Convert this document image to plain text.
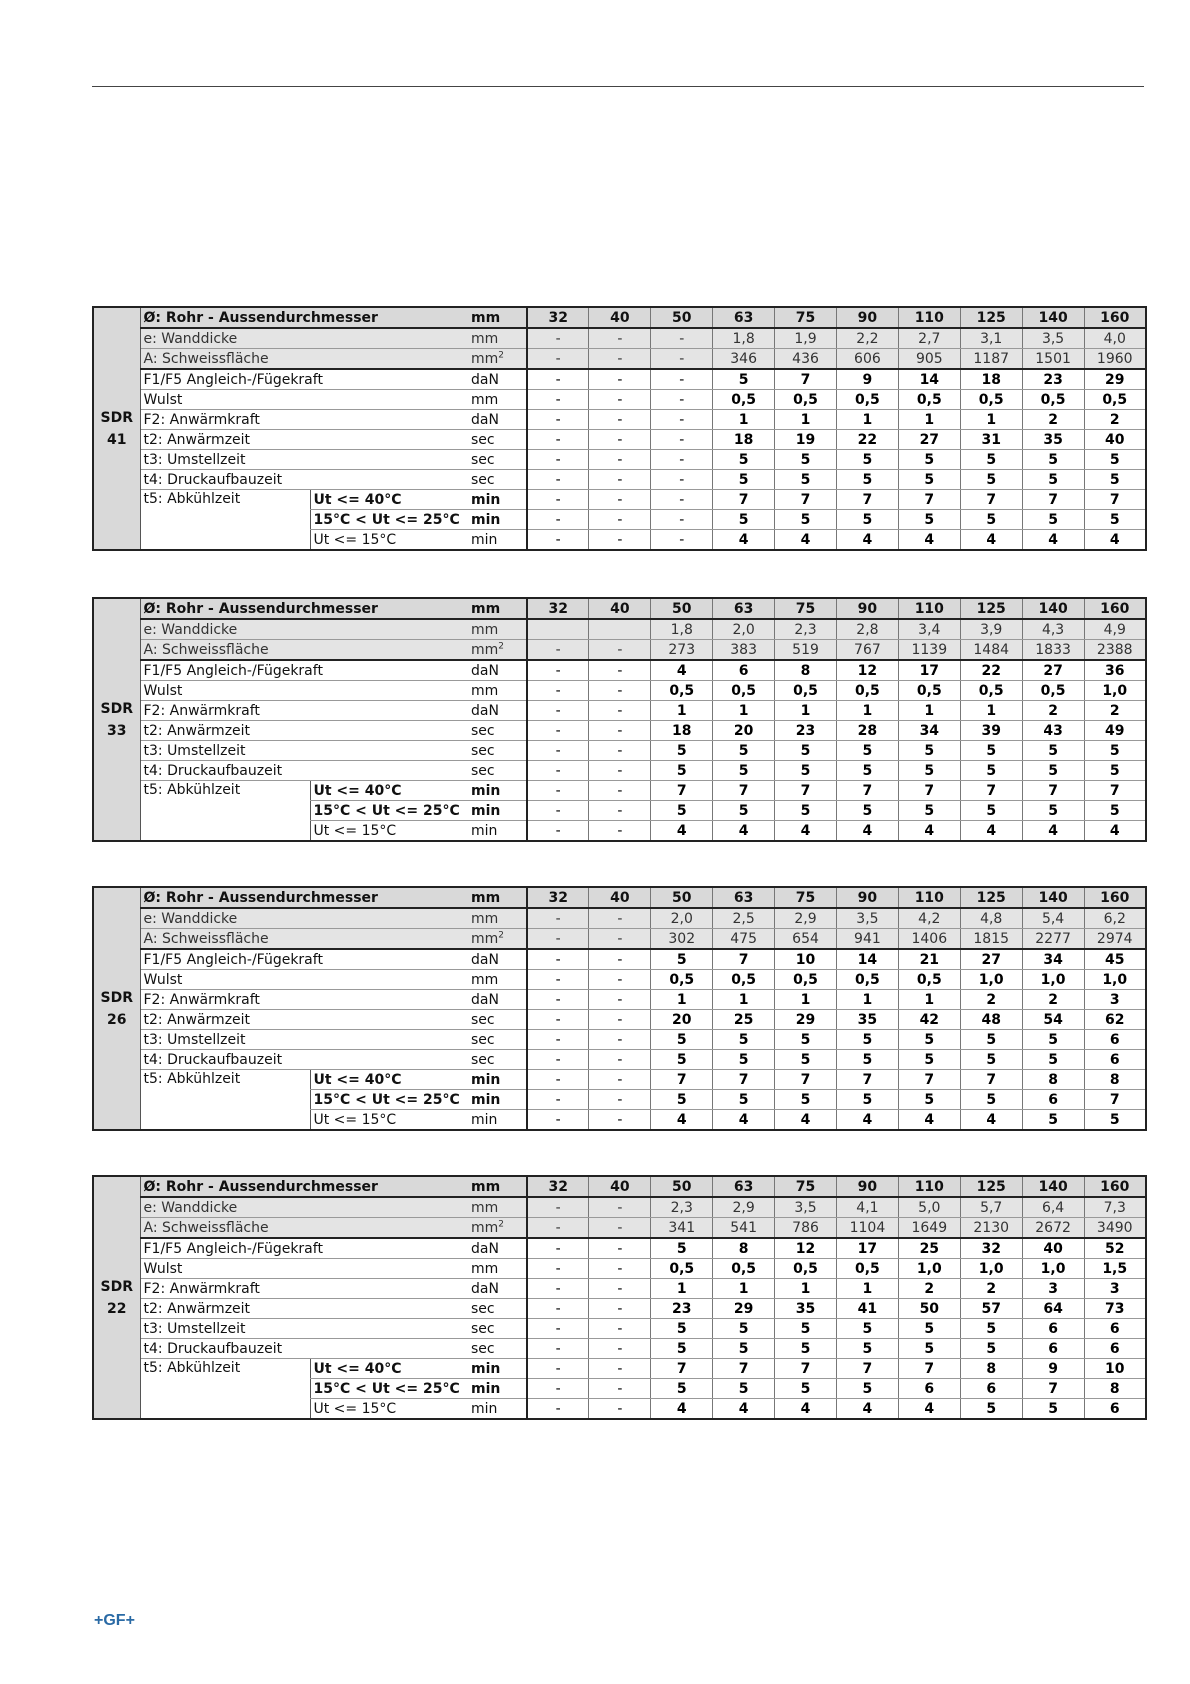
SDR
41	Ø: Rohr - Aussendurchmesser		mm	32	40	50	63	75	90	110	125	140	160
	e: Wanddicke		mm	-	-	-	1,8	1,9	2,2	2,7	3,1	3,5	4,0
	A: Schweissfläche		$mm^2$	-	-	-	346	436	606	905	1187	1501	1960
	F1/F5 Angleich-/Fügekraft		daN	-	-	-	5	7	9	14	18	23	29
	Wulst		mm	-	-	-	0,5	0,5	0,5	0,5	0,5	0,5	0,5
	F2: Anwärmkraft		daN	-	-	-	1	1	1	1	1	2	2
	t2: Anwärmzeit		sec	-	-	-	18	19	22	27	31	35	40
	t3: Umstellzeit		sec	-	-	-	5	5	5	5	5	5	5
	t4: Druckaufbauzeit		sec	-	-	-	5	5	5	5	5	5	5
	t5: Abkühlzeit	Ut <= 40°C	min	-	-	-	7	7	7	7	7	7	7
		15°C < Ut <= 25°C	min	-	-	-	5	5	5	5	5	5	5
		Ut <= 15°C	min	-	-	-	4	4	4	4	4	4	4
SDR
33	Ø: Rohr - Aussendurchmesser		mm	32	40	50	63	75	90	110	125	140	160
	e: Wanddicke		mm			1,8	2,0	2,3	2,8	3,4	3,9	4,3	4,9
	A: Schweissfläche		$mm^2$	-	-	273	383	519	767	1139	1484	1833	2388
	F1/F5 Angleich-/Fügekraft		daN	-	-	4	6	8	12	17	22	27	36
	Wulst		mm	-	-	0,5	0,5	0,5	0,5	0,5	0,5	0,5	1,0
	F2: Anwärmkraft		daN	-	-	1	1	1	1	1	1	2	2
	t2: Anwärmzeit		sec	-	-	18	20	23	28	34	39	43	49
	t3: Umstellzeit		sec	-	-	5	5	5	5	5	5	5	5
	t4: Druckaufbauzeit		sec	-	-	5	5	5	5	5	5	5	5
	t5: Abkühlzeit	Ut <= 40°C	min	-	-	7	7	7	7	7	7	7	7
		15°C < Ut <= 25°C	min	-	-	5	5	5	5	5	5	5	5
		Ut <= 15°C	min	-	-	4	4	4	4	4	4	4	4
SDR
26	Ø: Rohr - Aussendurchmesser		mm	32	40	50	63	75	90	110	125	140	160
	e: Wanddicke		mm	-	-	2,0	2,5	2,9	3,5	4,2	4,8	5,4	6,2
	A: Schweissfläche		$mm^2$	-	-	302	475	654	941	1406	1815	2277	2974
	F1/F5 Angleich-/Fügekraft		daN	-	-	5	7	10	14	21	27	34	45
	Wulst		mm	-	-	0,5	0,5	0,5	0,5	0,5	1,0	1,0	1,0
	F2: Anwärmkraft		daN	-	-	1	1	1	1	1	2	2	3
	t2: Anwärmzeit		sec	-	-	20	25	29	35	42	48	54	62
	t3: Umstellzeit		sec	-	-	5	5	5	5	5	5	5	6
	t4: Druckaufbauzeit		sec	-	-	5	5	5	5	5	5	5	6
	t5: Abkühlzeit	Ut <= 40°C	min	-	-	7	7	7	7	7	7	8	8
		15°C < Ut <= 25°C	min	-	-	5	5	5	5	5	5	6	7
		Ut <= 15°C	min	-	-	4	4	4	4	4	4	5	5
SDR
22	Ø: Rohr - Aussendurchmesser		mm	32	40	50	63	75	90	110	125	140	160
	e: Wanddicke		mm	-	-	2,3	2,9	3,5	4,1	5,0	5,7	6,4	7,3
	A: Schweissfläche		$mm^2$	-	-	341	541	786	1104	1649	2130	2672	3490
	F1/F5 Angleich-/Fügekraft		daN	-	-	5	8	12	17	25	32	40	52
	Wulst		mm	-	-	0,5	0,5	0,5	0,5	1,0	1,0	1,0	1,5
	F2: Anwärmkraft		daN	-	-	1	1	1	1	2	2	3	3
	t2: Anwärmzeit		sec	-	-	23	29	35	41	50	57	64	73
	t3: Umstellzeit		sec	-	-	5	5	5	5	5	5	6	6
	t4: Druckaufbauzeit		sec	-	-	5	5	5	5	5	5	6	6
	t5: Abkühlzeit	Ut <= 40°C	min	-	-	7	7	7	7	7	8	9	10
		15°C < Ut <= 25°C	min	-	-	5	5	5	5	6	6	7	8
		Ut <= 15°C	min	-	-	4	4	4	4	4	5	5	6
+GF+
